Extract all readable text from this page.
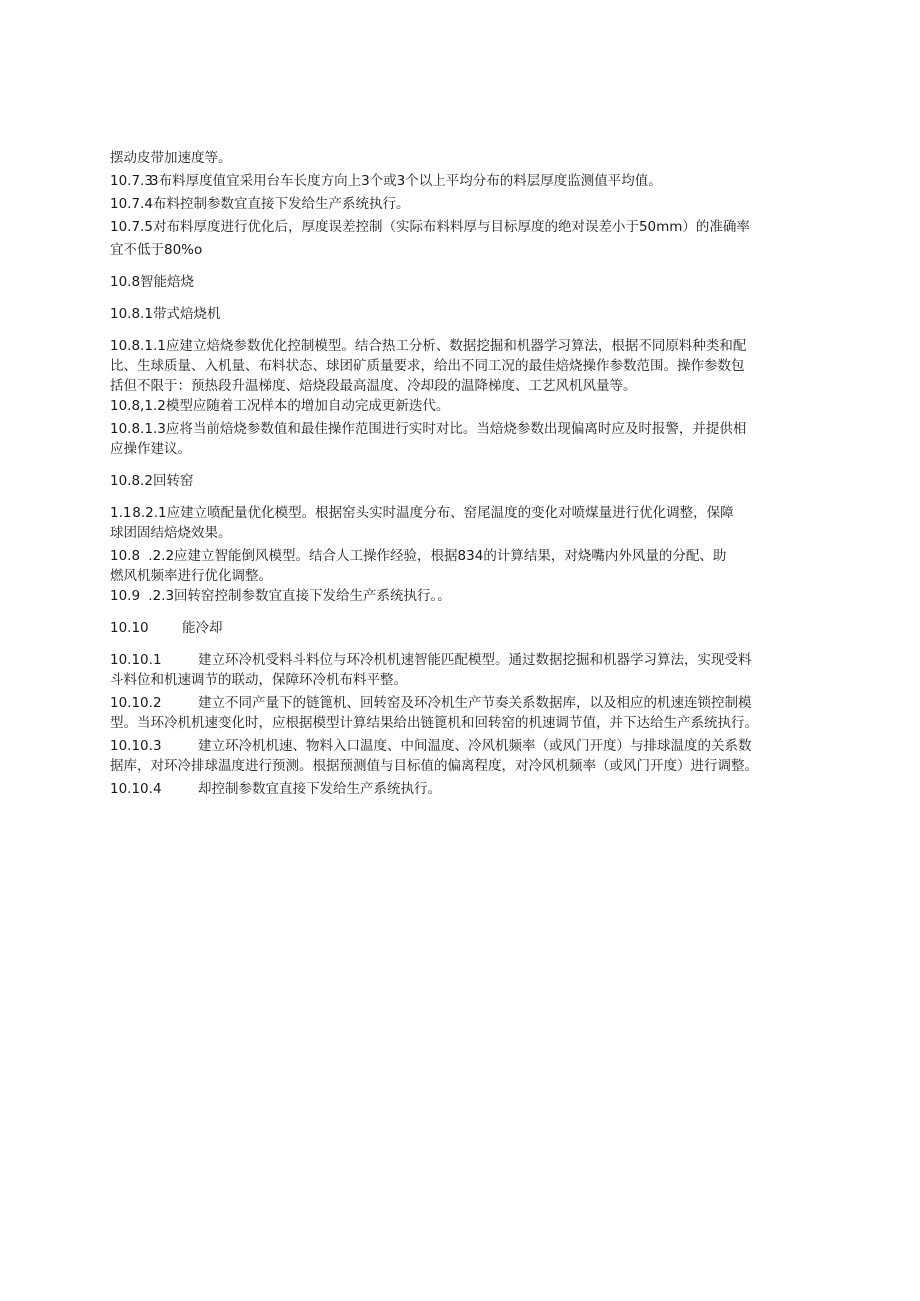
摆动皮带加速度等。
10.7.33布料厚度值宜采用台车长度方向上3个或3个以上平均分布的料层厚度监测值平均值。
10.7.4布料控制参数宜直接下发给生产系统执行。
10.7.5对布料厚度进行优化后，厚度误差控制（实际布料料厚与目标厚度的绝对误差小于50mm）的准确率
宜不低于80%o
10.8智能焙烧
10.8.1带式焙烧机
10.8.1.1应建立焙烧参数优化控制模型。结合热工分析、数据挖掘和机器学习算法，根据不同原料种类和配
比、生球质量、入机量、布料状态、球团矿质量要求，给出不同工况的最佳焙烧操作参数范围。操作参数包
括但不限于：预热段升温梯度、焙烧段最高温度、冷却段的温降梯度、工艺风机风量等。
10.8,1.2模型应随着工况样本的增加自动完成更新迭代。
10.8.1.3应将当前焙烧参数值和最佳操作范围进行实时对比。当焙烧参数出现偏离时应及时报警，并提供相
应操作建议。
10.8.2回转窑
1.1 8.2.1应建立喷配量优化模型。根据窑头实时温度分布、窑尾温度的变化对喷煤量进行优化调整，保障
球团固结焙烧效果。
10.8 .2.2应建立智能倒风模型。结合人工操作经验，根据834的计算结果，对烧嘴内外风量的分配、助
燃风机频率进行优化调整。
10.9 .2.3回转窑控制参数宜直接下发给生产系统执行。。
10.10 能冷却
10.10.1	建立环冷机受料斗料位与环冷机机速智能匹配模型。通过数据挖掘和机器学习算法，实现受料
斗料位和机速调节的联动，保障环冷机布料平整。
10.10.2	建立不同产量下的链篦机、回转窑及环冷机生产节奏关系数据库，以及相应的机速连锁控制模
型。当环冷机机速变化时，应根据模型计算结果给出链篦机和回转窑的机速调节值，并下达给生产系统执行。
10.10.3	建立环冷机机速、物料入口温度、中间温度、冷风机频率（或风门开度）与排球温度的关系数
据库，对环冷排球温度进行预测。根据预测值与目标值的偏离程度，对冷风机频率（或风门开度）进行调整。
10.10.4	却控制参数宜直接下发给生产系统执行。
